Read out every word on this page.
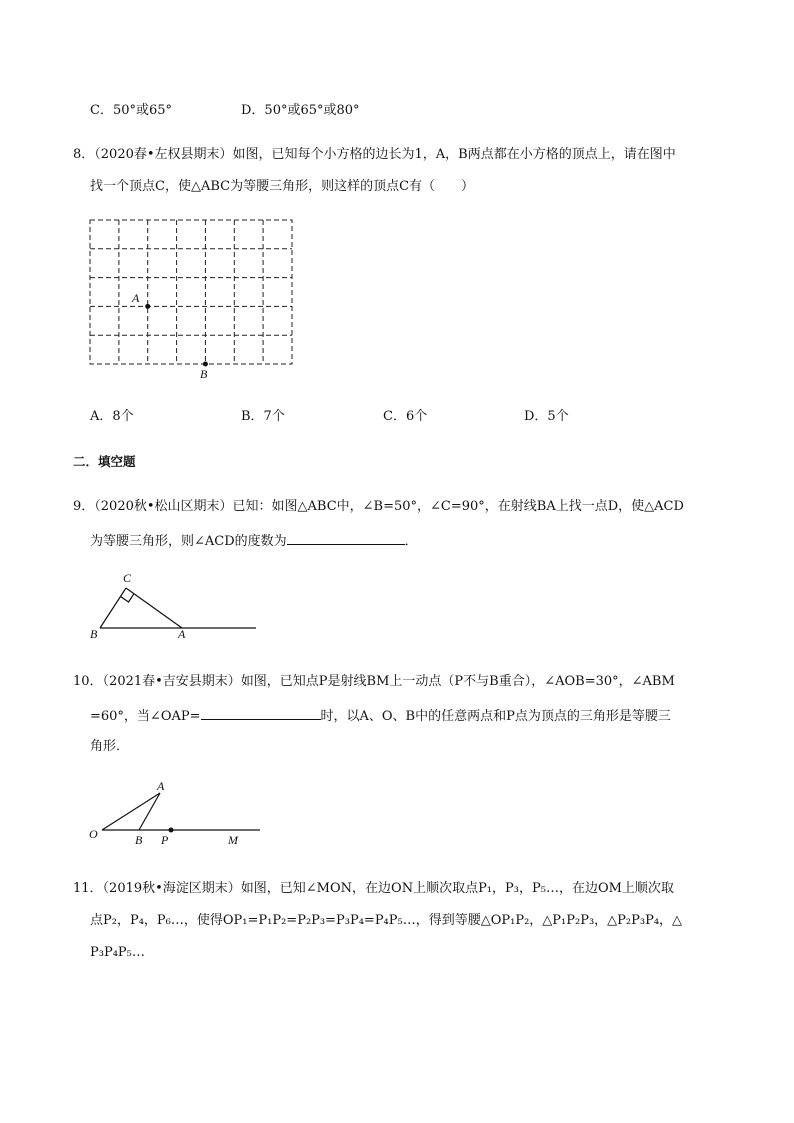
C．50°或65°	D．50°或65°或80°
8．（2020春•左权县期末）如图，已知每个小方格的边长为1，A，B两点都在小方格的顶点上，请在图中
找一个顶点C，使△ABC为等腰三角形，则这样的顶点C有（　　）
A
B
A．8个	B．7个	C．6个	D．5个
二．填空题
9．（2020秋•松山区期末）已知：如图△ABC中，∠B=50°，∠C=90°，在射线BA上找一点D，使△ACD
为等腰三角形，则∠ACD的度数为	．
C
B	A
10．（2021春•吉安县期末）如图，已知点P是射线BM上一动点（P不与B重合），∠AOB=30°，∠ABM
=60°，当∠OAP=	时，以A、O、B中的任意两点和P点为顶点的三角形是等腰三
角形．
A
O	B P	M
11．（2019秋•海淀区期末）如图，已知∠MON，在边ON上顺次取点P₁，P₃，P₅…，在边OM上顺次取
点P₂，P₄，P₆…，使得OP₁=P₁P₂=P₂P₃=P₃P₄=P₄P₅…，得到等腰△OP₁P₂，△P₁P₂P₃，△P₂P₃P₄，△
P₃P₄P₅…
